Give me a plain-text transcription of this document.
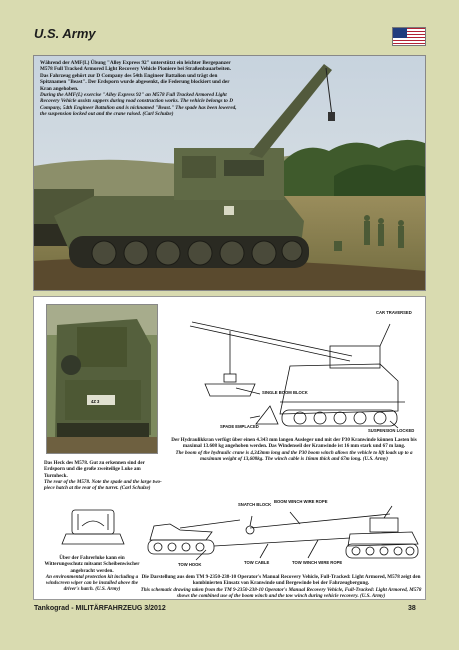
U.S. Army
Während der AMF(L) Übung "Alley Express 92" unterstützt ein leichter Bergepanzer M578 Full Tracked Armored Light Recovery Vehicle Pioniere bei Straßenbauarbeiten. Das Fahrzeug gehört zur D Company des 54th Engineer Battalion und trägt den Spitznamen "Beast". Der Erdsporn wurde abgesenkt, die Federung blockiert und der Kran angehoben.
During the AMF(L) exercise "Alley Express 92" an M578 Full Tracked Armored Light Recovery Vehicle assists sappers during road construction works. The vehicle belongs to D Company, 54th Engineer Battalion and is nicknamed "Beast." The spade has been lowered, the suspension locked out and the crane raised. (Carl Schulze)
4Z 3
Das Heck des M578. Gut zu erkennen sind der Erdsporn und die große zweiteilige Luke am Turmheck.
The rear of the M578. Note the spade and the large two-piece hatch at the rear of the turret. (Carl Schulze)
CAR TRAVERSED
SINGLE BOOM BLOCK
SPADE EMPLACED
SUSPENSION LOCKED
Der Hydraulikkran verfügt über einen 4.343 mm langen Ausleger und mit der P30 Kranwinde können Lasten bis maximal 13.608 kg angehoben werden. Das Windenseil der Kranwinde ist 16 mm stark und 67 m lang.
The boom of the hydraulic crane is 4,343mm long and the P30 boom winch allows the vehicle to lift loads up to a maximum weight of 13,608kg. The winch cable is 16mm thick and 67m long. (U.S. Army)
Über der Fahrerluke kann ein Witterungsschutz mitsamt Scheibenwischer angebracht werden.
An environmental protection kit including a windscreen wiper can be installed above the driver's hatch. (U.S. Army)
SNATCH BLOCK
BOOM WINCH WIRE ROPE
TOW HOOK	TOW CABLE	TOW WINCH WIRE ROPE
Die Darstellung aus dem TM 9-2350-238-10 Operator's Manual Recovery Vehicle, Full-Tracked: Light Armored, M578 zeigt den kombinierten Einsatz von Kranwinde und Bergewinde bei der Fahrzeugbergung.
This schematic drawing taken from the TM 9-2350-238-10 Operator's Manual Recovery Vehicle, Full-Tracked: Light Armored, M578 shows the combined use of the boom winch and the tow winch during vehicle recovery. (U.S. Army)
Tankograd - MILITÄRFAHRZEUG 3/2012	38
